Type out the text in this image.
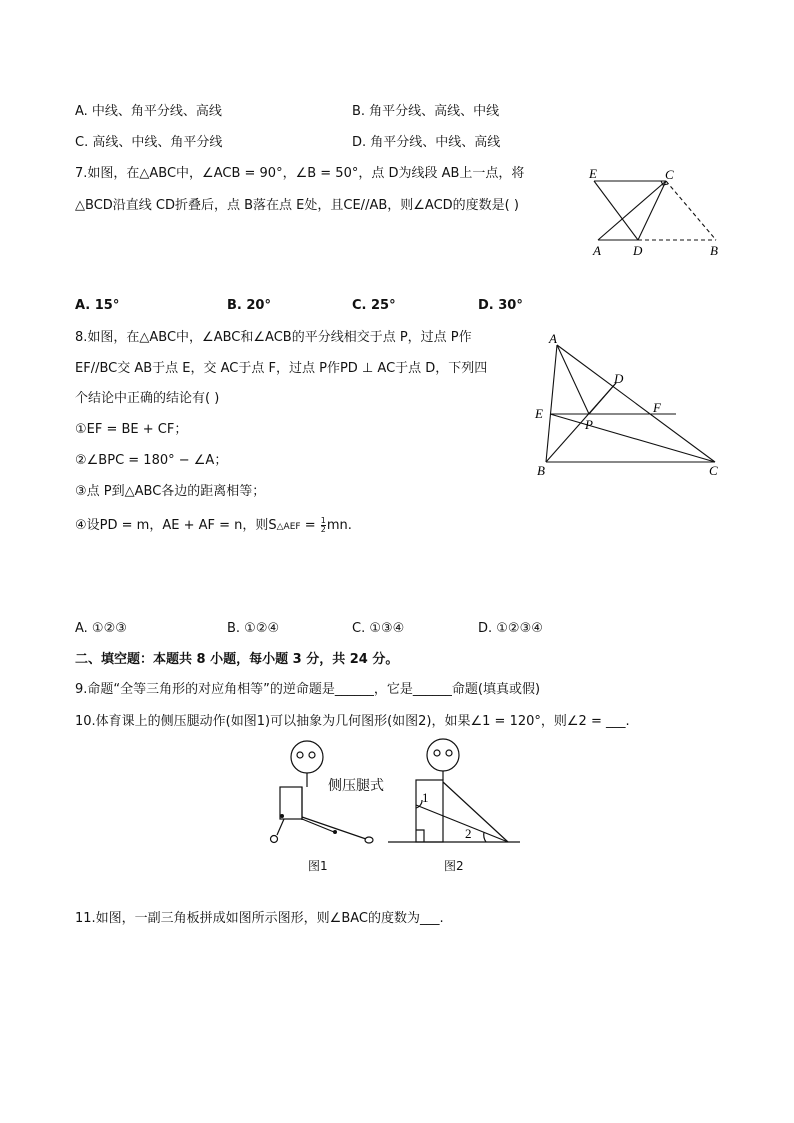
A. 中线、角平分线、高线	B. 角平分线、高线、中线
C. 高线、中线、角平分线	D. 角平分线、中线、高线
7.如图，在△ABC中，∠ACB = 90°，∠B = 50°，点 D为线段 AB上一点，将
△BCD沿直线 CD折叠后，点 B落在点 E处，且CE//AB，则∠ACD的度数是( )
E	C
A D	B
A. 15°	B. 20°	C. 25°	D. 30°
8.如图，在△ABC中，∠ABC和∠ACB的平分线相交于点 P，过点 P作
EF//BC交 AB于点 E，交 AC于点 F，过点 P作PD ⊥ AC于点 D，下列四
个结论中正确的结论有( )
①EF = BE + CF；
②∠BPC = 180° − ∠A；
③点 P到△ABC各边的距离相等；
④设PD = m，AE + AF = n，则S△AEF = $\frac{1}{2}$ mn.
A
D
E	F
P
B	C
A. ①②③	B. ①②④	C. ①③④	D. ①②③④
二、填空题：本题共 8 小题，每小题 3 分，共 24 分。
9.命题“全等三角形的对应角相等”的逆命题是______，它是______命题(填真或假)
10.体育课上的侧压腿动作(如图1)可以抽象为几何图形(如图2)，如果∠1 = 120°，则∠2 = ___.
侧压腿式
图1
1
2
图2
11.如图，一副三角板拼成如图所示图形，则∠BAC的度数为___.
